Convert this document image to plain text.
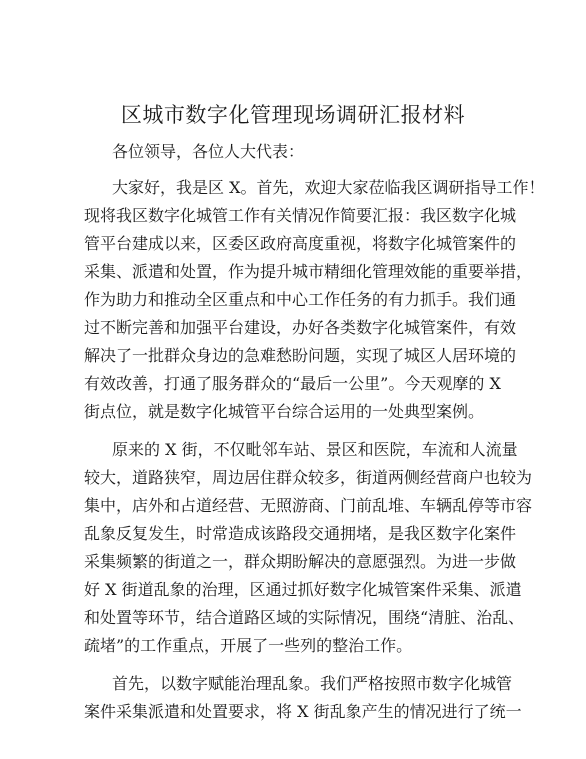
区城市数字化管理现场调研汇报材料

各位领导，各位人大代表：

大家好，我是区 X。首先，欢迎大家莅临我区调研指导工作！

现将我区数字化城管工作有关情况作简要汇报：我区数字化城

管平台建成以来，区委区政府高度重视，将数字化城管案件的

采集、派遣和处置，作为提升城市精细化管理效能的重要举措，

作为助力和推动全区重点和中心工作任务的有力抓手。我们通

过不断完善和加强平台建设，办好各类数字化城管案件，有效

解决了一批群众身边的急难愁盼问题，实现了城区人居环境的

有效改善，打通了服务群众的“最后一公里”。今天观摩的 X

街点位，就是数字化城管平台综合运用的一处典型案例。

原来的 X 街，不仅毗邻车站、景区和医院，车流和人流量

较大，道路狭窄，周边居住群众较多，街道两侧经营商户也较为

集中，店外和占道经营、无照游商、门前乱堆、车辆乱停等市容

乱象反复发生，时常造成该路段交通拥堵，是我区数字化案件

采集频繁的街道之一，群众期盼解决的意愿强烈。为进一步做

好 X 街道乱象的治理，区通过抓好数字化城管案件采集、派遣

和处置等环节，结合道路区域的实际情况，围绕“清脏、治乱、

疏堵”的工作重点，开展了一些列的整治工作。

首先，以数字赋能治理乱象。我们严格按照市数字化城管

案件采集派遣和处置要求，将 X 街乱象产生的情况进行了统一
